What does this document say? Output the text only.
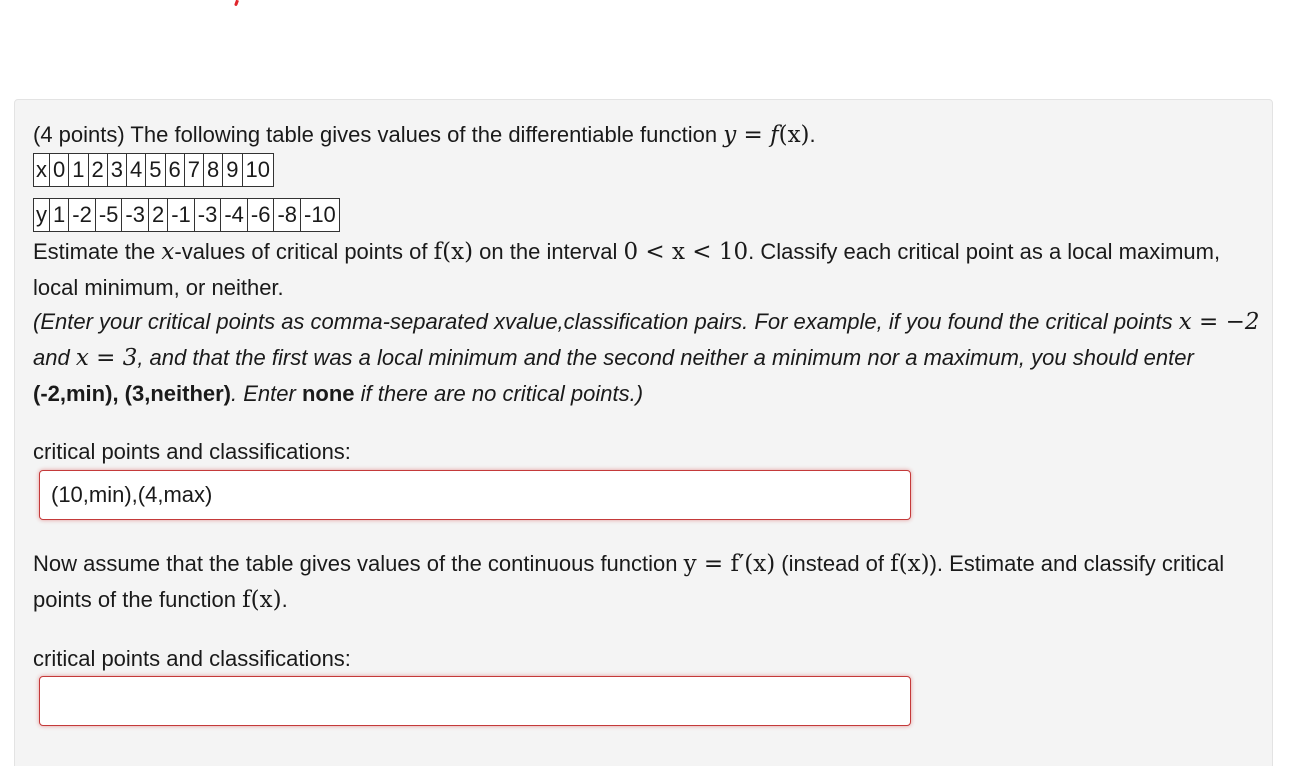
(4 points) The following table gives values of the differentiable function y = f(x).
x	0	1	2	3	4	5	6	7	8	9	10
y	1	-2	-5	-3	2	-1	-3	-4	-6	-8	-10
Estimate the x-values of critical points of f(x) on the interval 0 < x < 10. Classify each critical point as a local maximum, local minimum, or neither.
(Enter your critical points as comma-separated xvalue,classification pairs. For example, if you found the critical points x = −2 and x = 3, and that the first was a local minimum and the second neither a minimum nor a maximum, you should enter (-2,min), (3,neither). Enter none if there are no critical points.)
critical points and classifications:
Now assume that the table gives values of the continuous function y = f′(x) (instead of f(x)). Estimate and classify critical points of the function f(x).
critical points and classifications:
(10,min),(4,max)
